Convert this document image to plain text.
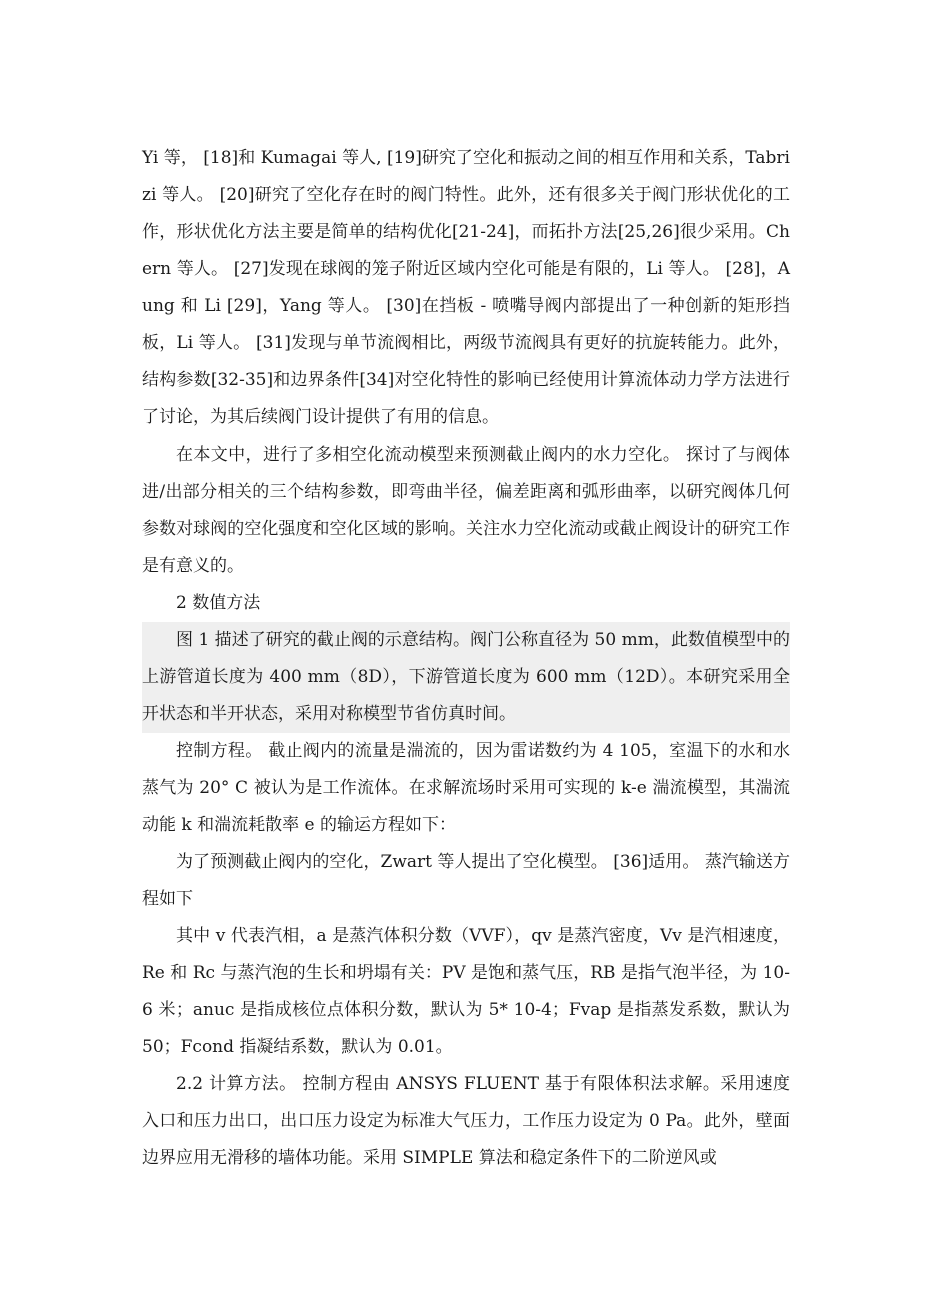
Yi 等， [18]和 Kumagai 等人, [19]研究了空化和振动之间的相互作用和关系，Tabrizi 等人。 [20]研究了空化存在时的阀门特性。此外，还有很多关于阀门形状优化的工作，形状优化方法主要是简单的结构优化[21-24]，而拓扑方法[25,26]很少采用。Chern 等人。 [27]发现在球阀的笼子附近区域内空化可能是有限的，Li 等人。 [28]，Aung 和 Li [29]，Yang 等人。 [30]在挡板 - 喷嘴导阀内部提出了一种创新的矩形挡板，Li 等人。 [31]发现与单节流阀相比，两级节流阀具有更好的抗旋转能力。此外，结构参数[32-35]和边界条件[34]对空化特性的影响已经使用计算流体动力学方法进行了讨论，为其后续阀门设计提供了有用的信息。

在本文中，进行了多相空化流动模型来预测截止阀内的水力空化。 探讨了与阀体进/出部分相关的三个结构参数，即弯曲半径，偏差距离和弧形曲率，以研究阀体几何参数对球阀的空化强度和空化区域的影响。关注水力空化流动或截止阀设计的研究工作是有意义的。

2 数值方法

图 1 描述了研究的截止阀的示意结构。阀门公称直径为 50 mm，此数值模型中的上游管道长度为 400 mm（8D），下游管道长度为 600 mm（12D）。本研究采用全开状态和半开状态，采用对称模型节省仿真时间。

控制方程。 截止阀内的流量是湍流的，因为雷诺数约为 4 105，室温下的水和水蒸气为 20° C 被认为是工作流体。在求解流场时采用可实现的 k-e 湍流模型，其湍流动能 k 和湍流耗散率 e 的输运方程如下：

为了预测截止阀内的空化，Zwart 等人提出了空化模型。 [36]适用。 蒸汽输送方程如下

其中 v 代表汽相，a 是蒸汽体积分数（VVF），qv 是蒸汽密度，Vv 是汽相速度，Re 和 Rc 与蒸汽泡的生长和坍塌有关：PV 是饱和蒸气压，RB 是指气泡半径，为 10-6 米；anuc 是指成核位点体积分数，默认为 5* 10-4；Fvap 是指蒸发系数，默认为 50；Fcond 指凝结系数，默认为 0.01。

2.2 计算方法。 控制方程由 ANSYS FLUENT 基于有限体积法求解。采用速度入口和压力出口，出口压力设定为标准大气压力，工作压力设定为 0 Pa。此外，壁面边界应用无滑移的墙体功能。采用 SIMPLE 算法和稳定条件下的二阶逆风或
